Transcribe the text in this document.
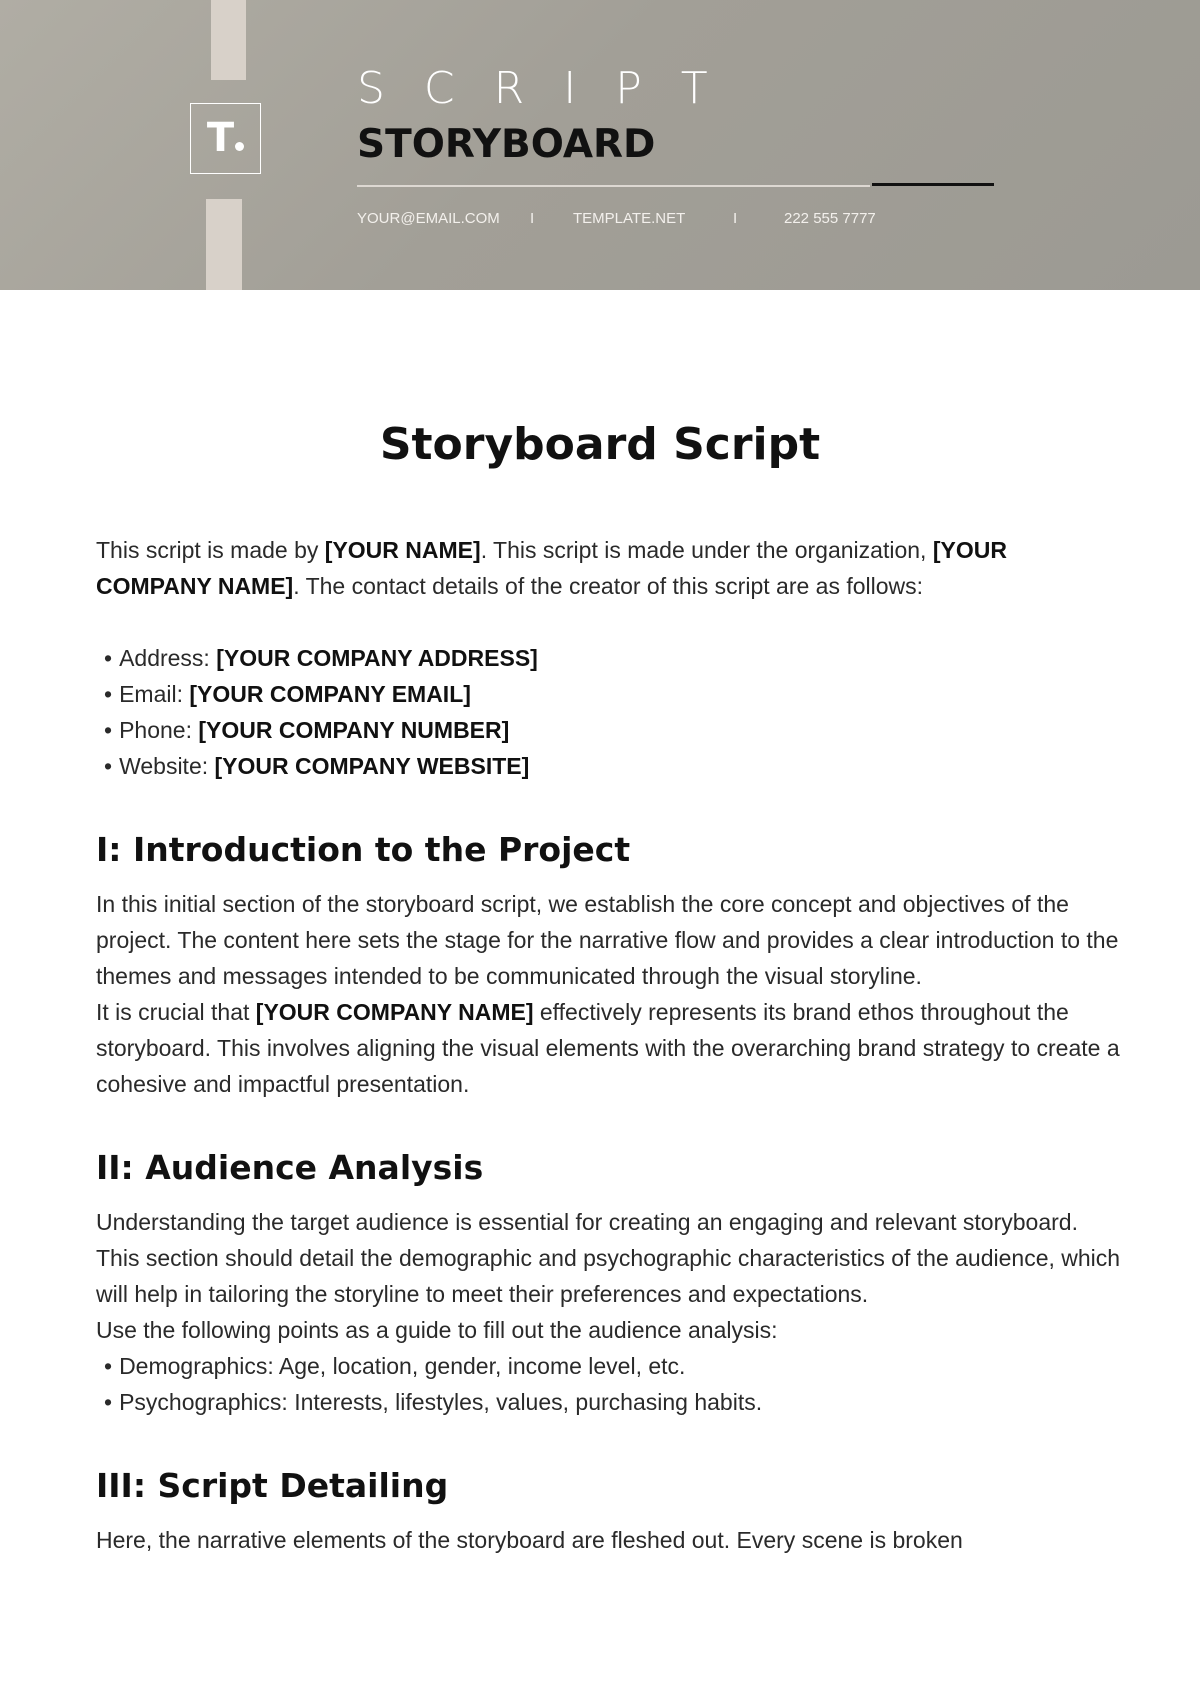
T
SCRIPT
STORYBOARD
YOUR@EMAIL.COM I	TEMPLATE.NET	I	222 555 7777
Storyboard Script

This script is made by [YOUR NAME]. This script is made under the organization, [YOUR COMPANY NAME]. The contact details of the creator of this script are as follows:

• Address: [YOUR COMPANY ADDRESS]
• Email: [YOUR COMPANY EMAIL]
• Phone: [YOUR COMPANY NUMBER]
• Website: [YOUR COMPANY WEBSITE]
I: Introduction to the Project

In this initial section of the storyboard script, we establish the core concept and objectives of the project. The content here sets the stage for the narrative flow and provides a clear introduction to the themes and messages intended to be communicated through the visual storyline.

It is crucial that [YOUR COMPANY NAME] effectively represents its brand ethos throughout the storyboard. This involves aligning the visual elements with the overarching brand strategy to create a cohesive and impactful presentation.

II: Audience Analysis

Understanding the target audience is essential for creating an engaging and relevant storyboard. This section should detail the demographic and psychographic characteristics of the audience, which will help in tailoring the storyline to meet their preferences and expectations.

Use the following points as a guide to fill out the audience analysis:

• Demographics: Age, location, gender, income level, etc.
• Psychographics: Interests, lifestyles, values, purchasing habits.
III: Script Detailing

Here, the narrative elements of the storyboard are fleshed out. Every scene is broken
